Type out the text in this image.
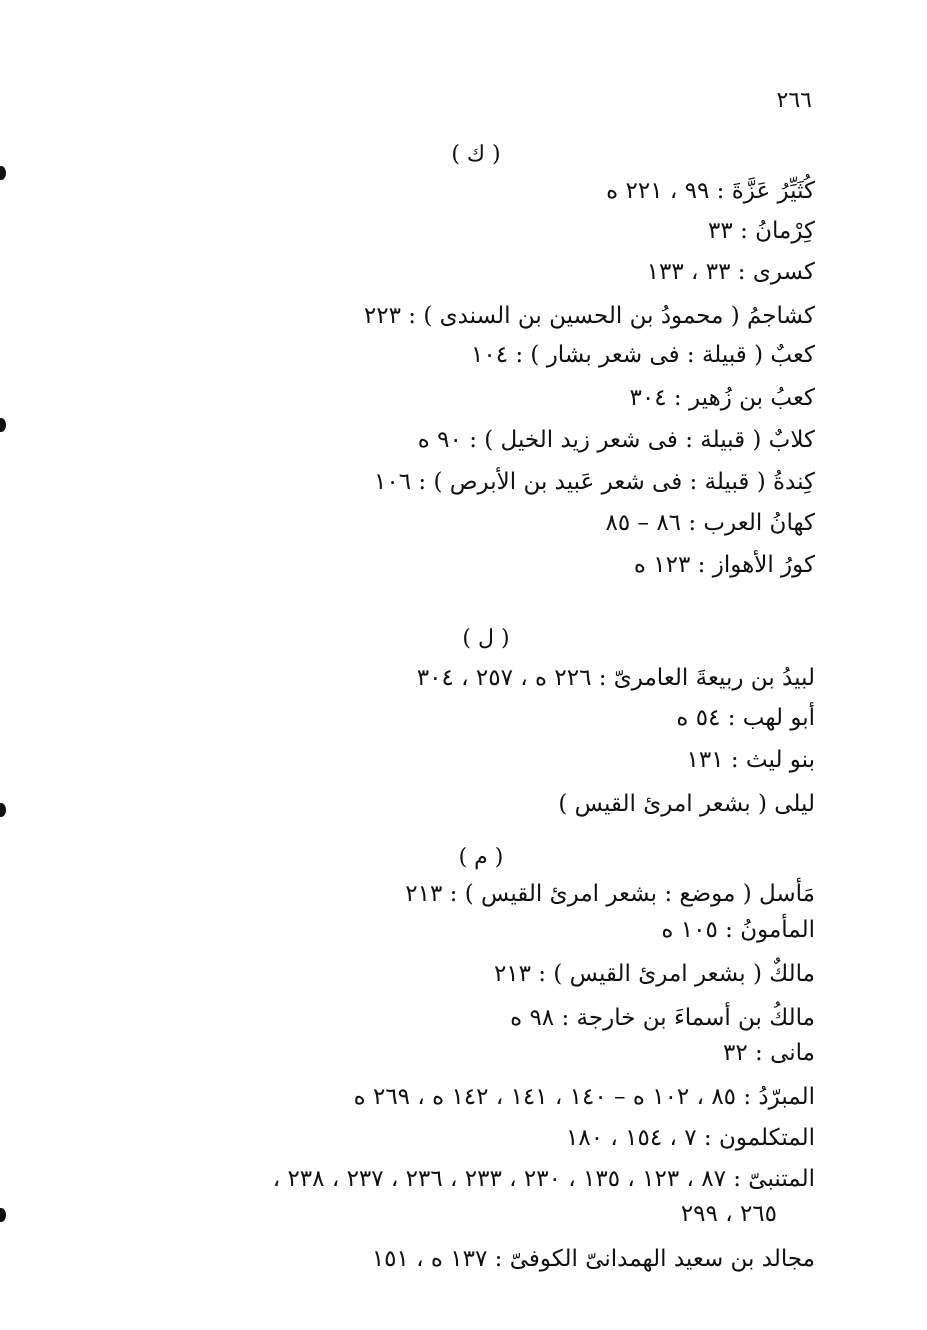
٢٦٦
( ك )
كُثَيِّرُ عَزَّةَ : ٩٩ ، ٢٢١ ه
كِرْمانُ : ٣٣
كسرى : ٣٣ ، ١٣٣
كشاجمُ ( محمودُ بن الحسين بن السندى ) : ٢٢٣
كعبٌ ( قبيلة : فى شعر بشار ) : ١٠٤
كعبُ بن زُهير : ٣٠٤
كلابٌ ( قبيلة : فى شعر زيد الخيل ) : ٩٠ ه
كِندةُ ( قبيلة : فى شعر عَبيد بن الأبرص ) : ١٠٦
كهانُ العرب : ٨٦ – ٨٥
كورُ الأهواز : ١٢٣ ه
( ل )
لبيدُ بن ربيعةَ العامرىّ : ٢٢٦ ه ، ٢٥٧ ، ٣٠٤
أبو لهب : ٥٤ ه
بنو ليث : ١٣١
ليلى ( بشعر امرئ القيس )
( م )
مَأسل ( موضع : بشعر امرئ القيس ) : ٢١٣
المأمونُ : ١٠٥ ه
مالكٌ ( بشعر امرئ القيس ) : ٢١٣
مالكُ بن أسماءَ بن خارجة : ٩٨ ه
مانى : ٣٢
المبرّدُ : ٨٥ ، ١٠٢ ه – ١٤٠ ، ١٤١ ، ١٤٢ ه ، ٢٦٩ ه
المتكلمون : ٧ ، ١٥٤ ، ١٨٠
المتنبىّ : ٨٧ ، ١٢٣ ، ١٣٥ ، ٢٣٠ ، ٢٣٣ ، ٢٣٦ ، ٢٣٧ ، ٢٣٨ ،
٢٦٥ ، ٢٩٩
مجالد بن سعيد الهمدانىّ الكوفىّ : ١٣٧ ه ، ١٥١
